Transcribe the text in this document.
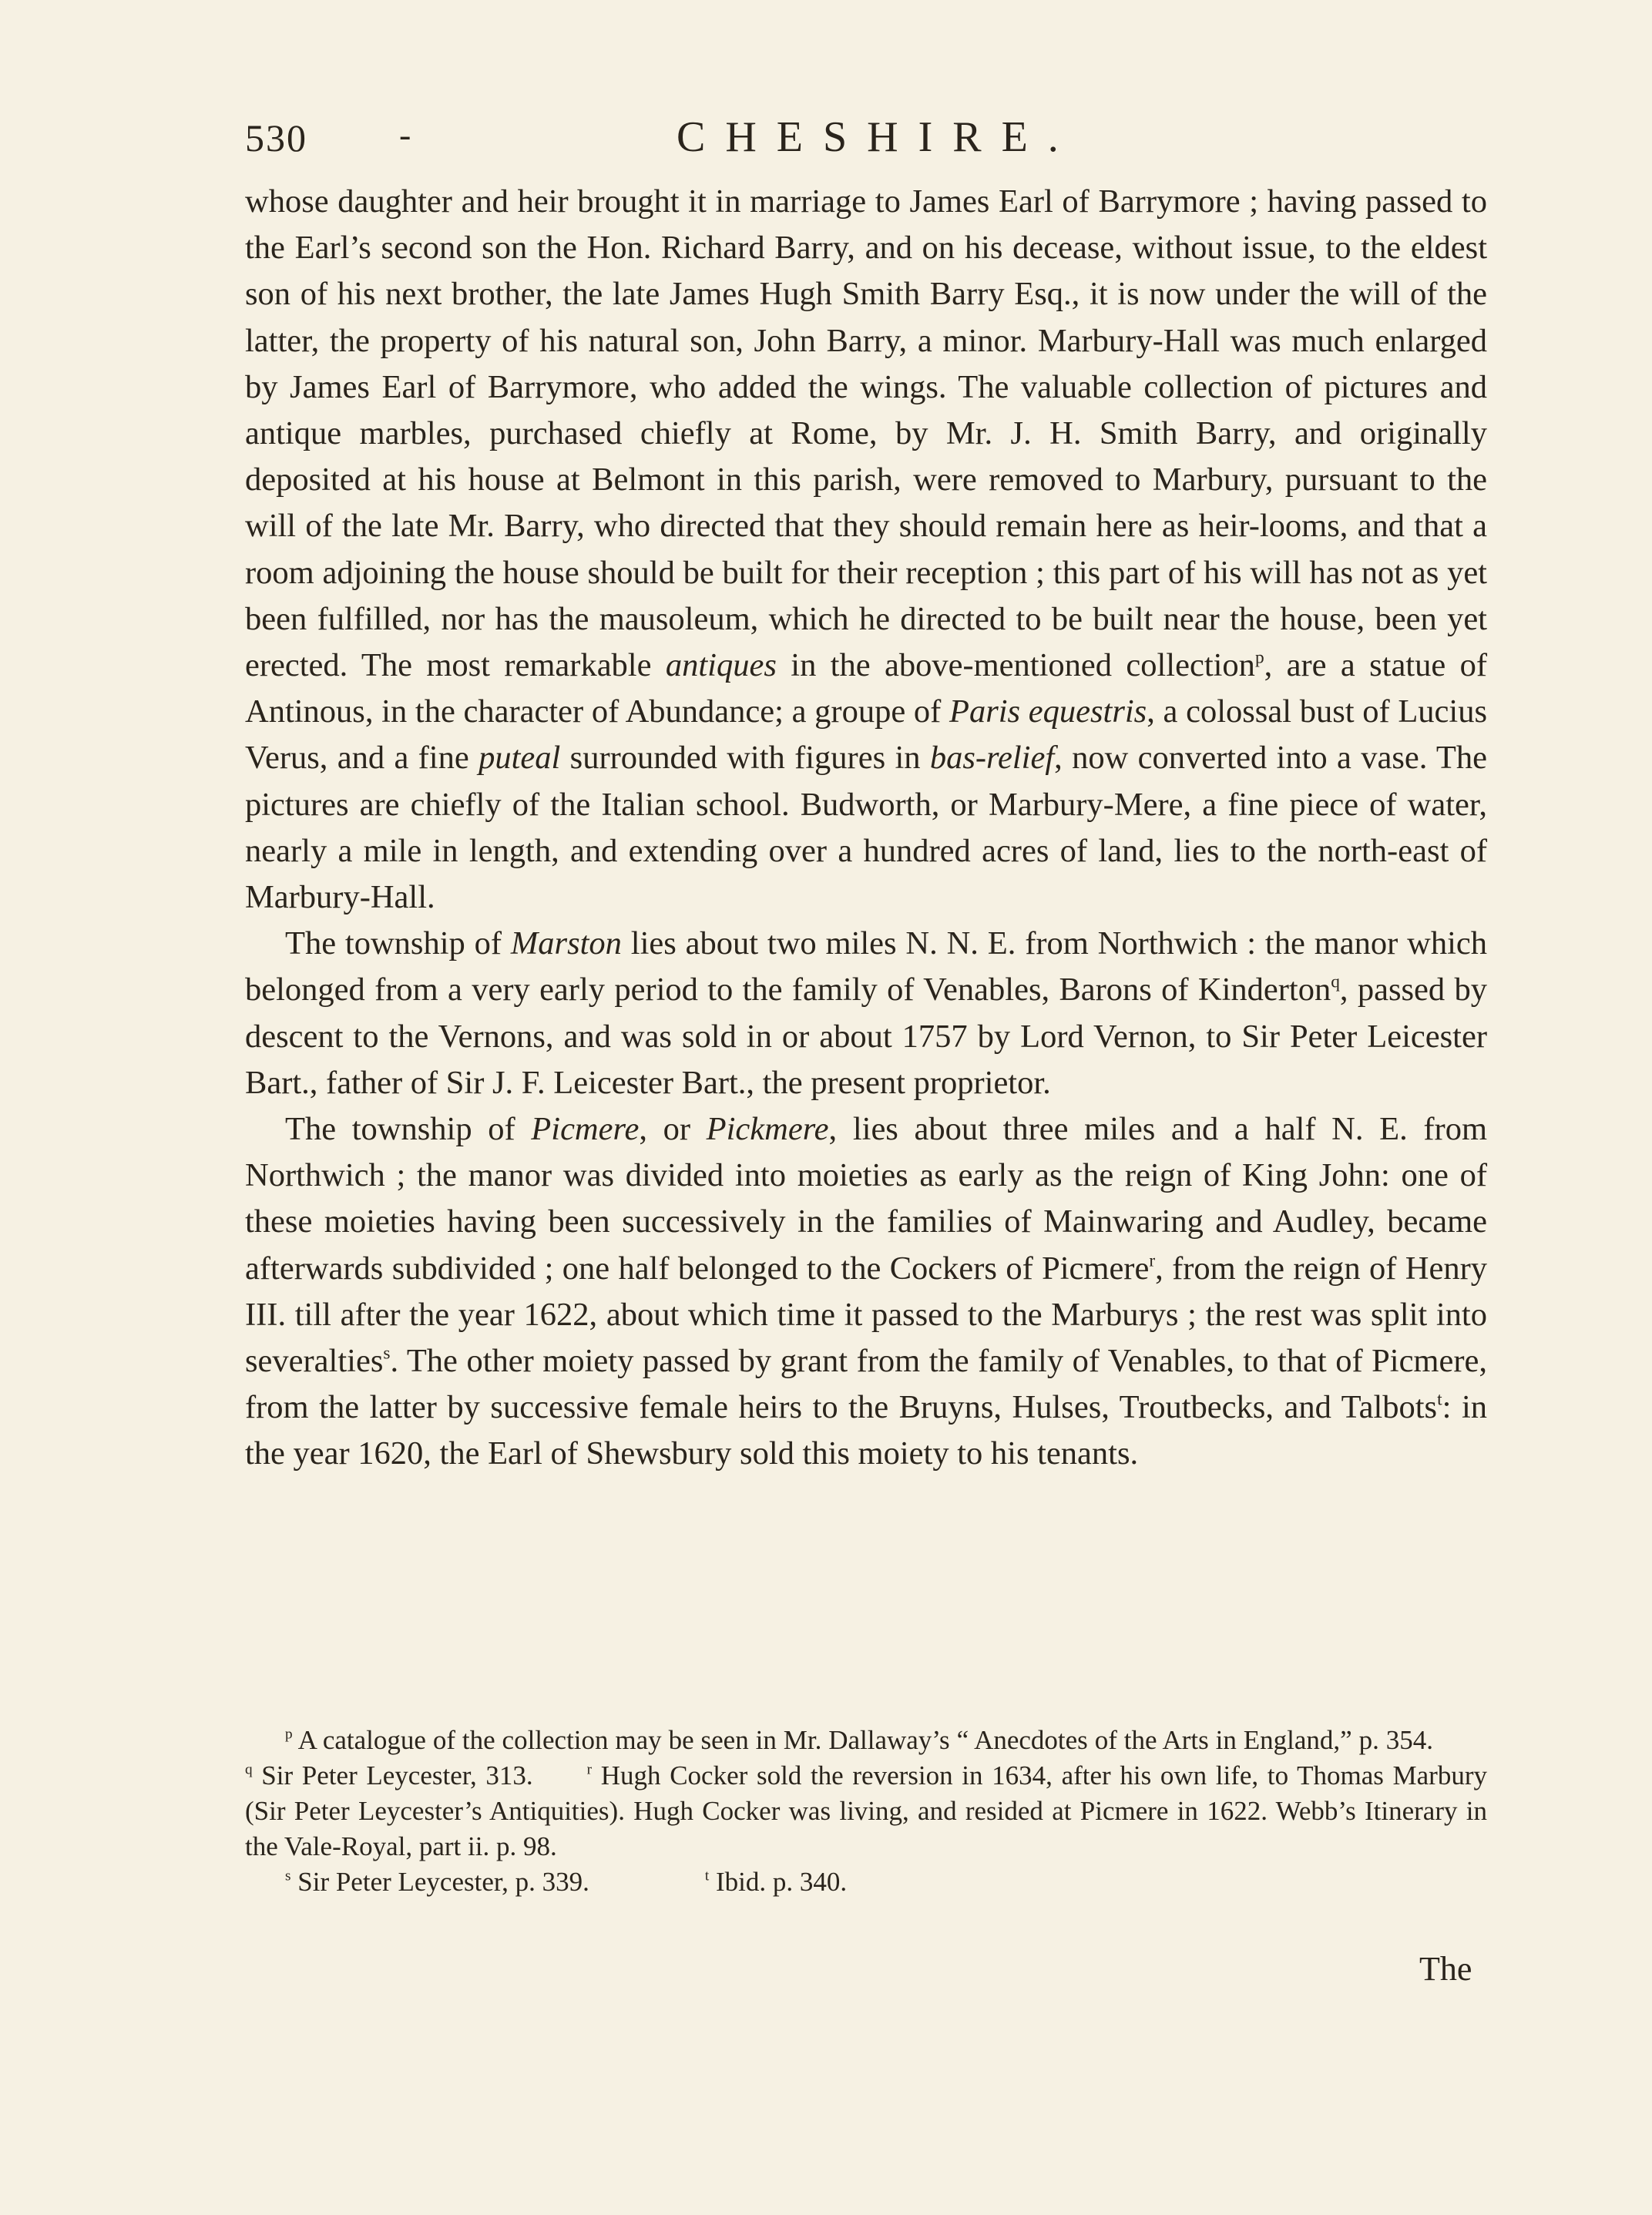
530	-	CHESHIRE.

whose daughter and heir brought it in marriage to James Earl of Barrymore ; having passed to the Earl’s second son the Hon. Richard Barry, and on his decease, without issue, to the eldest son of his next brother, the late James Hugh Smith Barry Esq., it is now under the will of the latter, the property of his natural son, John Barry, a minor. Marbury-Hall was much enlarged by James Earl of Barrymore, who added the wings. The valuable collection of pictures and antique marbles, purchased chiefly at Rome, by Mr. J. H. Smith Barry, and originally deposited at his house at Belmont in this parish, were removed to Marbury, pursuant to the will of the late Mr. Barry, who directed that they should remain here as heir-looms, and that a room adjoining the house should be built for their reception ; this part of his will has not as yet been fulfilled, nor has the mausoleum, which he directed to be built near the house, been yet erected. The most remarkable antiques in the above-mentioned collection$^p$, are a statue of Antinous, in the character of Abundance; a groupe of Paris equestris, a colossal bust of Lucius Verus, and a fine puteal surrounded with figures in bas-relief, now converted into a vase. The pictures are chiefly of the Italian school. Budworth, or Marbury-Mere, a fine piece of water, nearly a mile in length, and extending over a hundred acres of land, lies to the north-east of Marbury-Hall.

The township of Marston lies about two miles N. N. E. from Northwich : the manor which belonged from a very early period to the family of Venables, Barons of Kinderton$^q$, passed by descent to the Vernons, and was sold in or about 1757 by Lord Vernon, to Sir Peter Leicester Bart., father of Sir J. F. Leicester Bart., the present proprietor.

The township of Picmere, or Pickmere, lies about three miles and a half N. E. from Northwich ; the manor was divided into moieties as early as the reign of King John: one of these moieties having been successively in the families of Mainwaring and Audley, became afterwards subdivided ; one half belonged to the Cockers of Picmere$^r$, from the reign of Henry III. till after the year 1622, about which time it passed to the Marburys ; the rest was split into severalties$^s$. The other moiety passed by grant from the family of Venables, to that of Picmere, from the latter by successive female heirs to the Bruyns, Hulses, Troutbecks, and Talbots$^t$: in the year 1620, the Earl of Shewsbury sold this moiety to his tenants.

$^p$ A catalogue of the collection may be seen in Mr. Dallaway’s “ Anecdotes of the Arts in England,” p. 354.$^q$ Sir Peter Leycester, 313.	$^r$ Hugh Cocker sold the reversion in 1634, after his own life, to Thomas Marbury (Sir Peter Leycester’s Antiquities). Hugh Cocker was living, and resided at Picmere in 1622. Webb’s Itinerary in the Vale-Royal, part ii. p. 98.

$^s$ Sir Peter Leycester, p. 339.	$^t$ Ibid. p. 340.

The
